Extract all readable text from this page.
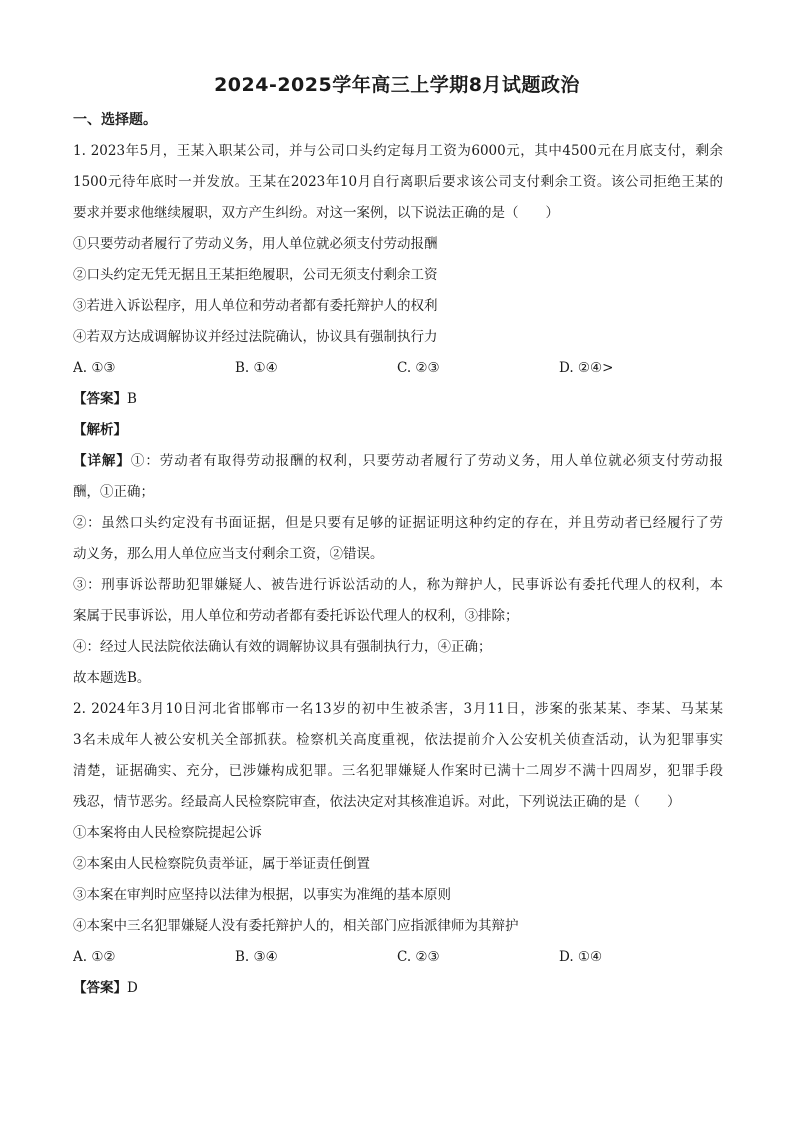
2024-2025学年高三上学期8月试题政治
一、选择题。
1. 2023年5月，王某入职某公司，并与公司口头约定每月工资为6000元，其中4500元在月底支付，剩余
1500元待年底时一并发放。王某在2023年10月自行离职后要求该公司支付剩余工资。该公司拒绝王某的
要求并要求他继续履职，双方产生纠纷。对这一案例，以下说法正确的是（　　）
①只要劳动者履行了劳动义务，用人单位就必须支付劳动报酬
②口头约定无凭无据且王某拒绝履职，公司无须支付剩余工资
③若进入诉讼程序，用人单位和劳动者都有委托辩护人的权利
④若双方达成调解协议并经过法院确认，协议具有强制执行力
A. ①③	B. ①④	C. ②③	D. ②④>
【答案】B
【解析】
【详解】①：劳动者有取得劳动报酬的权利，只要劳动者履行了劳动义务，用人单位就必须支付劳动报
酬，①正确；
②：虽然口头约定没有书面证据，但是只要有足够的证据证明这种约定的存在，并且劳动者已经履行了劳
动义务，那么用人单位应当支付剩余工资，②错误。
③：刑事诉讼帮助犯罪嫌疑人、被告进行诉讼活动的人，称为辩护人，民事诉讼有委托代理人的权利，本
案属于民事诉讼，用人单位和劳动者都有委托诉讼代理人的权利，③排除；
④：经过人民法院依法确认有效的调解协议具有强制执行力，④正确；
故本题选B。
2. 2024年3月10日河北省邯郸市一名13岁的初中生被杀害，3月11日，涉案的张某某、李某、马某某
3名未成年人被公安机关全部抓获。检察机关高度重视，依法提前介入公安机关侦查活动，认为犯罪事实
清楚，证据确实、充分，已涉嫌构成犯罪。三名犯罪嫌疑人作案时已满十二周岁不满十四周岁，犯罪手段
残忍，情节恶劣。经最高人民检察院审查，依法决定对其核准追诉。对此，下列说法正确的是（　　）
①本案将由人民检察院提起公诉
②本案由人民检察院负责举证，属于举证责任倒置
③本案在审判时应坚持以法律为根据，以事实为准绳的基本原则
④本案中三名犯罪嫌疑人没有委托辩护人的，相关部门应指派律师为其辩护
A. ①②	B. ③④	C. ②③	D. ①④
【答案】D
